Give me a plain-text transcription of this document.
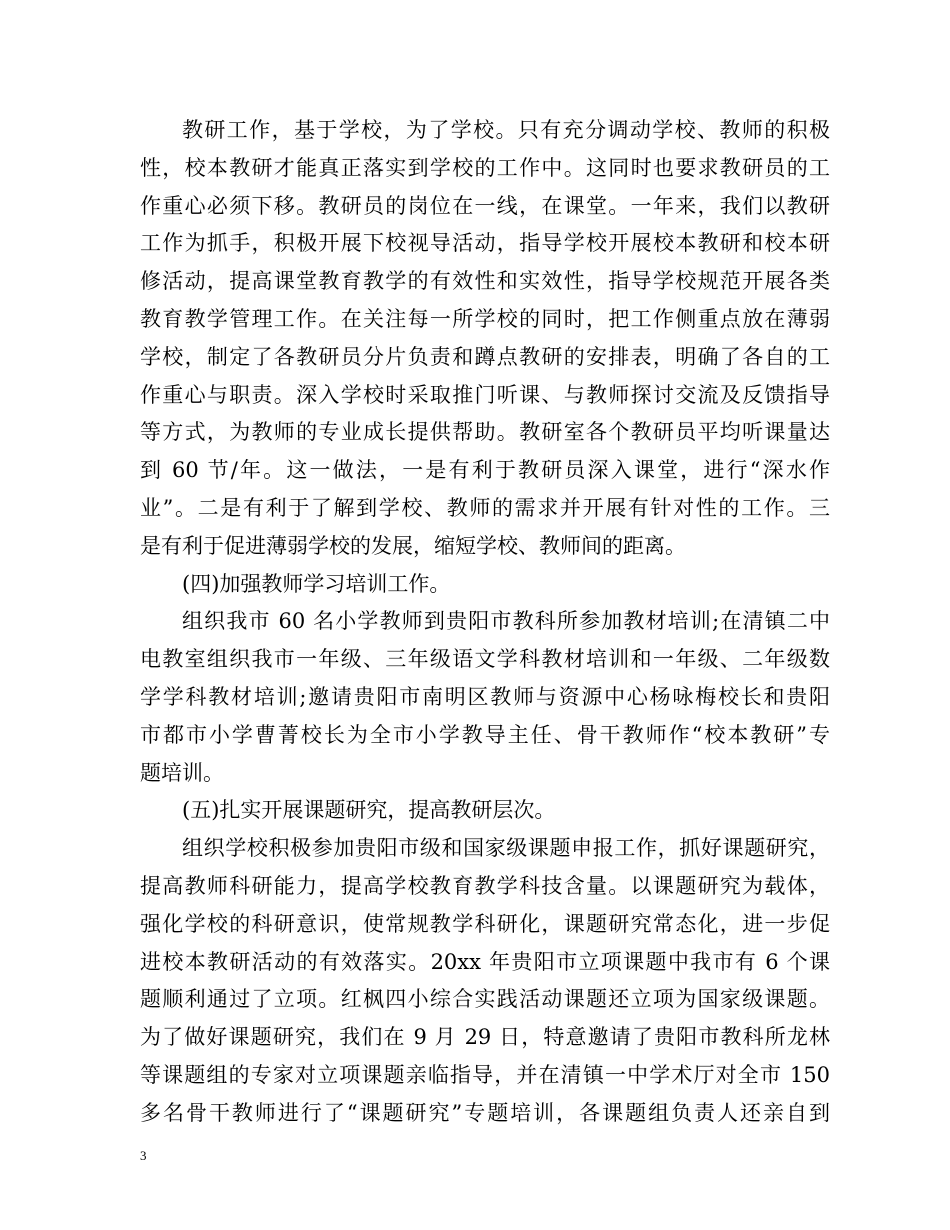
教研工作，基于学校，为了学校。只有充分调动学校、教师的积极
性，校本教研才能真正落实到学校的工作中。这同时也要求教研员的工
作重心必须下移。教研员的岗位在一线，在课堂。一年来，我们以教研
工作为抓手，积极开展下校视导活动，指导学校开展校本教研和校本研
修活动，提高课堂教育教学的有效性和实效性，指导学校规范开展各类
教育教学管理工作。在关注每一所学校的同时，把工作侧重点放在薄弱
学校，制定了各教研员分片负责和蹲点教研的安排表，明确了各自的工
作重心与职责。深入学校时采取推门听课、与教师探讨交流及反馈指导
等方式，为教师的专业成长提供帮助。教研室各个教研员平均听课量达
到 60 节/年。这一做法，一是有利于教研员深入课堂，进行“深水作
业”。二是有利于了解到学校、教师的需求并开展有针对性的工作。三
是有利于促进薄弱学校的发展，缩短学校、教师间的距离。
(四)加强教师学习培训工作。
组织我市 60 名小学教师到贵阳市教科所参加教材培训;在清镇二中
电教室组织我市一年级、三年级语文学科教材培训和一年级、二年级数
学学科教材培训;邀请贵阳市南明区教师与资源中心杨咏梅校长和贵阳
市都市小学曹菁校长为全市小学教导主任、骨干教师作“校本教研”专
题培训。
(五)扎实开展课题研究，提高教研层次。
组织学校积极参加贵阳市级和国家级课题申报工作，抓好课题研究，
提高教师科研能力，提高学校教育教学科技含量。以课题研究为载体，
强化学校的科研意识，使常规教学科研化，课题研究常态化，进一步促
进校本教研活动的有效落实。20xx 年贵阳市立项课题中我市有 6 个课
题顺利通过了立项。红枫四小综合实践活动课题还立项为国家级课题。
为了做好课题研究，我们在 9 月 29 日，特意邀请了贵阳市教科所龙林
等课题组的专家对立项课题亲临指导，并在清镇一中学术厅对全市 150
多名骨干教师进行了“课题研究”专题培训，各课题组负责人还亲自到
3
